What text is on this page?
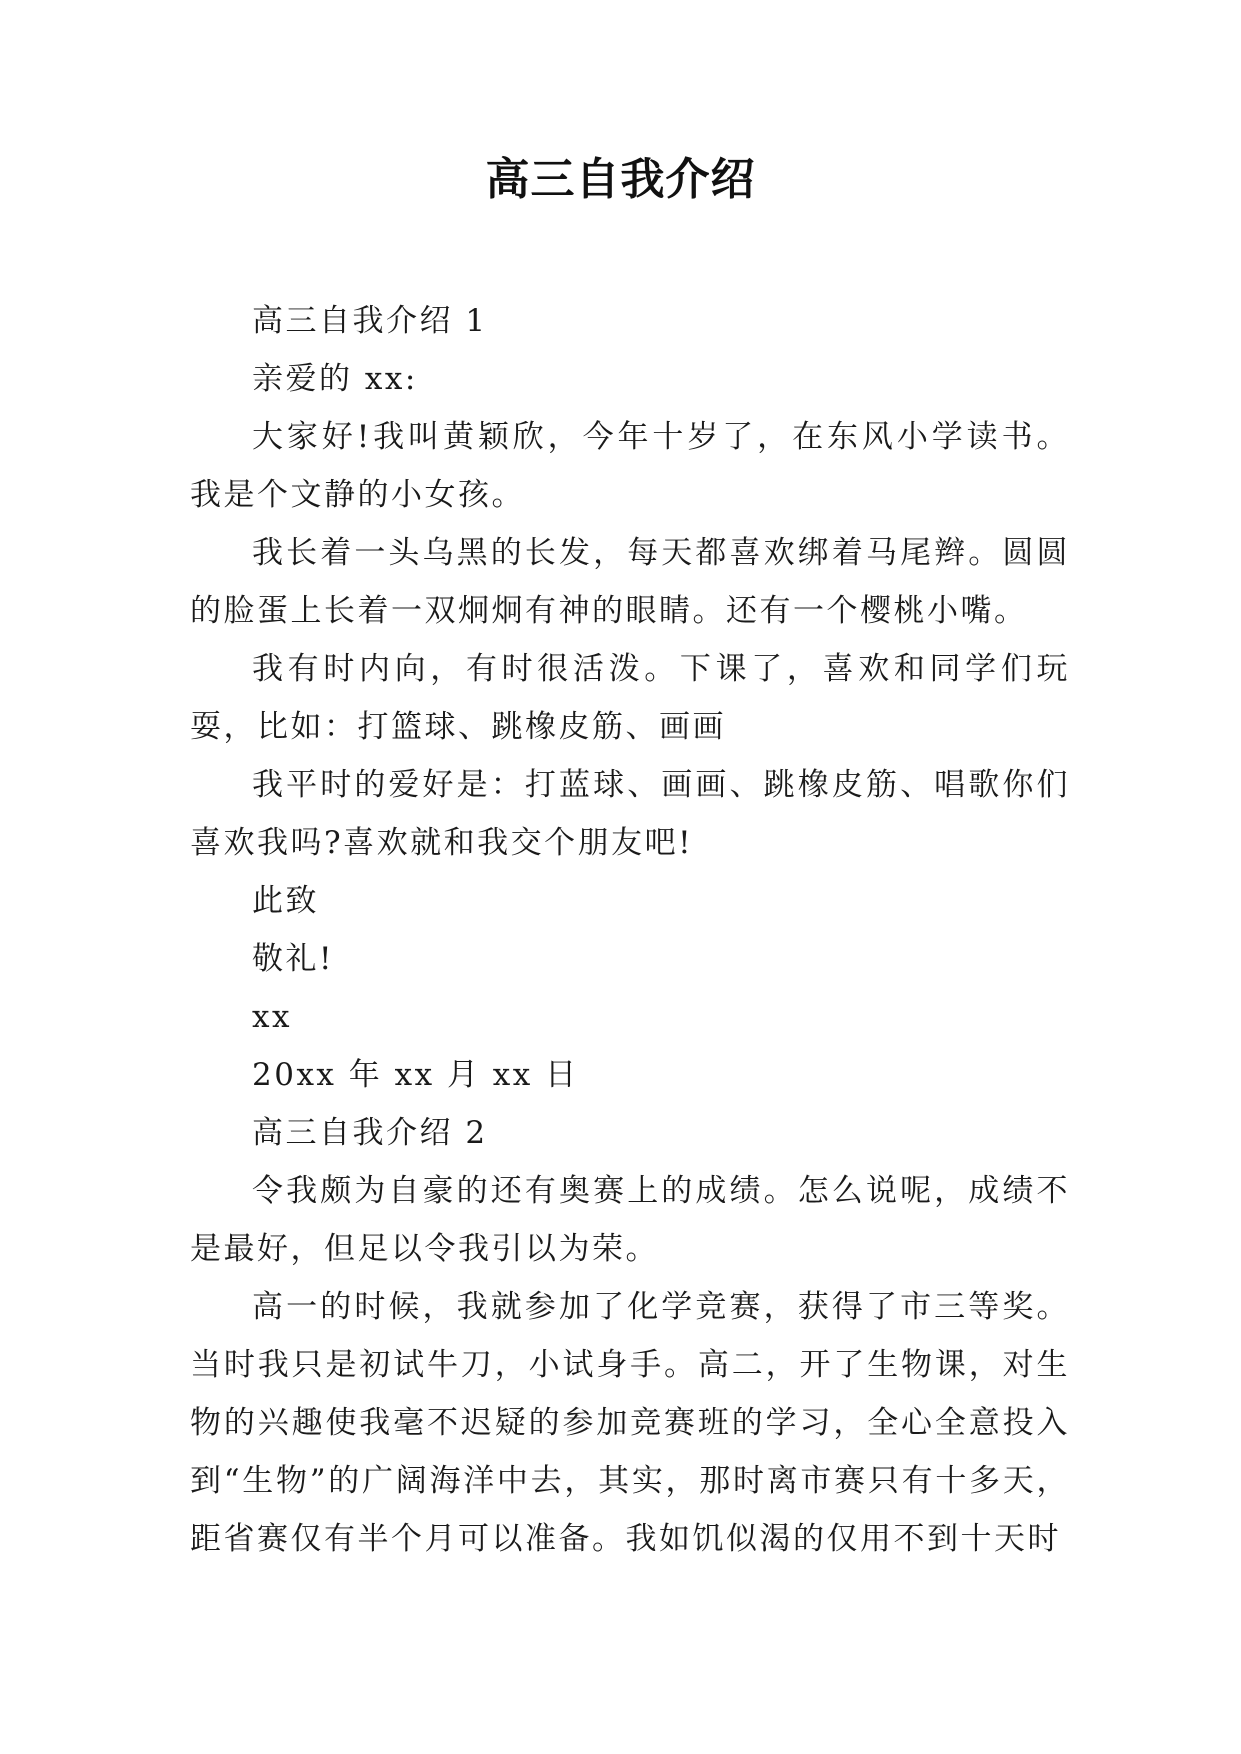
高三自我介绍

高三自我介绍 1

亲爱的 xx:

大家好!我叫黄颖欣，今年十岁了，在东风小学读书。我是个文静的小女孩。

我长着一头乌黑的长发，每天都喜欢绑着马尾辫。圆圆的脸蛋上长着一双炯炯有神的眼睛。还有一个樱桃小嘴。

我有时内向，有时很活泼。下课了，喜欢和同学们玩耍，比如：打篮球、跳橡皮筋、画画

我平时的爱好是：打蓝球、画画、跳橡皮筋、唱歌你们喜欢我吗?喜欢就和我交个朋友吧!

此致

敬礼!

xx

20xx 年 xx 月 xx 日

高三自我介绍 2

令我颇为自豪的还有奥赛上的成绩。怎么说呢，成绩不是最好，但足以令我引以为荣。

高一的时候，我就参加了化学竞赛，获得了市三等奖。当时我只是初试牛刀，小试身手。高二，开了生物课，对生物的兴趣使我毫不迟疑的参加竞赛班的学习，全心全意投入到“生物”的广阔海洋中去，其实，那时离市赛只有十多天，距省赛仅有半个月可以准备。我如饥似渴的仅用不到十天时
